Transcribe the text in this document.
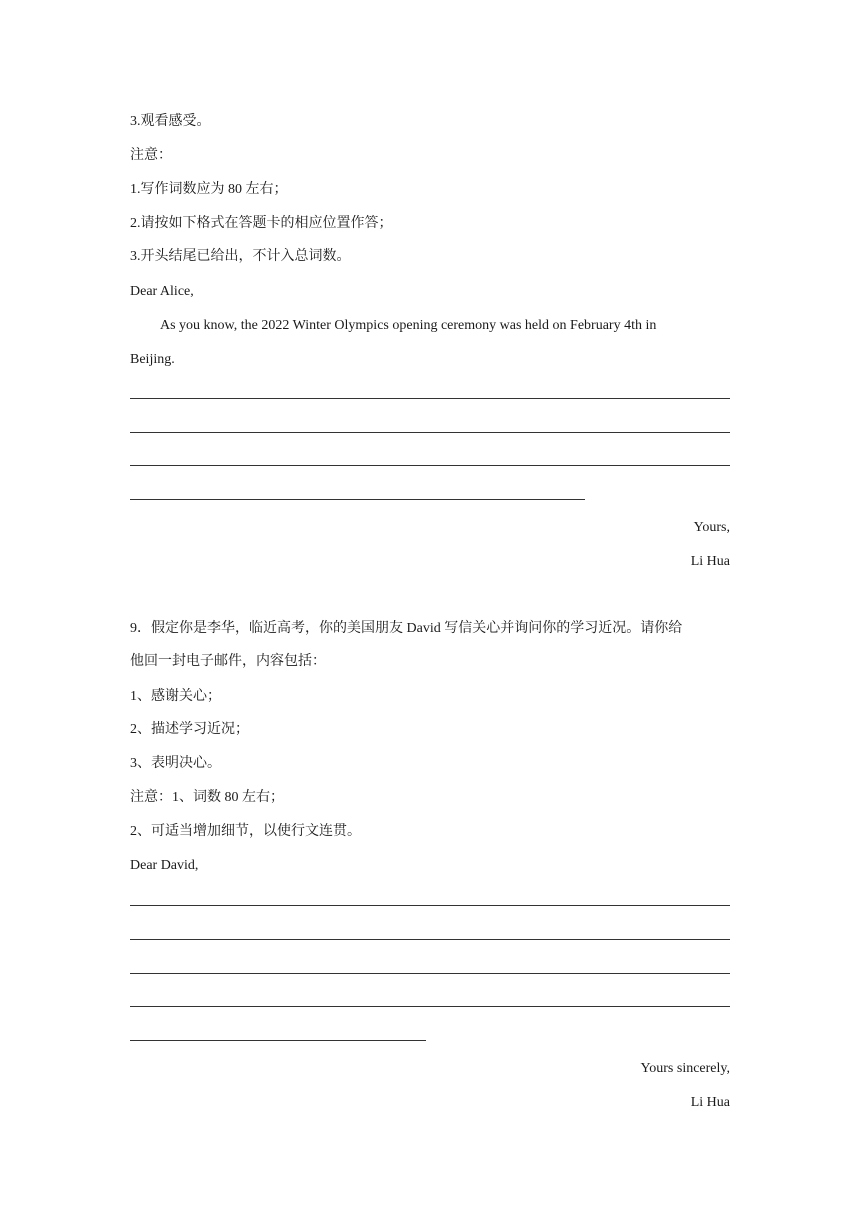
3.观看感受。
注意：
1.写作词数应为 80 左右；
2.请按如下格式在答题卡的相应位置作答；
3.开头结尾已给出，不计入总词数。
Dear Alice,
As you know, the 2022 Winter Olympics opening ceremony was held on February 4th in
Beijing.
Yours,
Li Hua
9．假定你是李华，临近高考，你的美国朋友 David 写信关心并询问你的学习近况。请你给
他回一封电子邮件，内容包括：
1、感谢关心；
2、描述学习近况；
3、表明决心。
注意：1、词数 80 左右；
2、可适当增加细节，以使行文连贯。
Dear David,
Yours sincerely,
Li Hua
